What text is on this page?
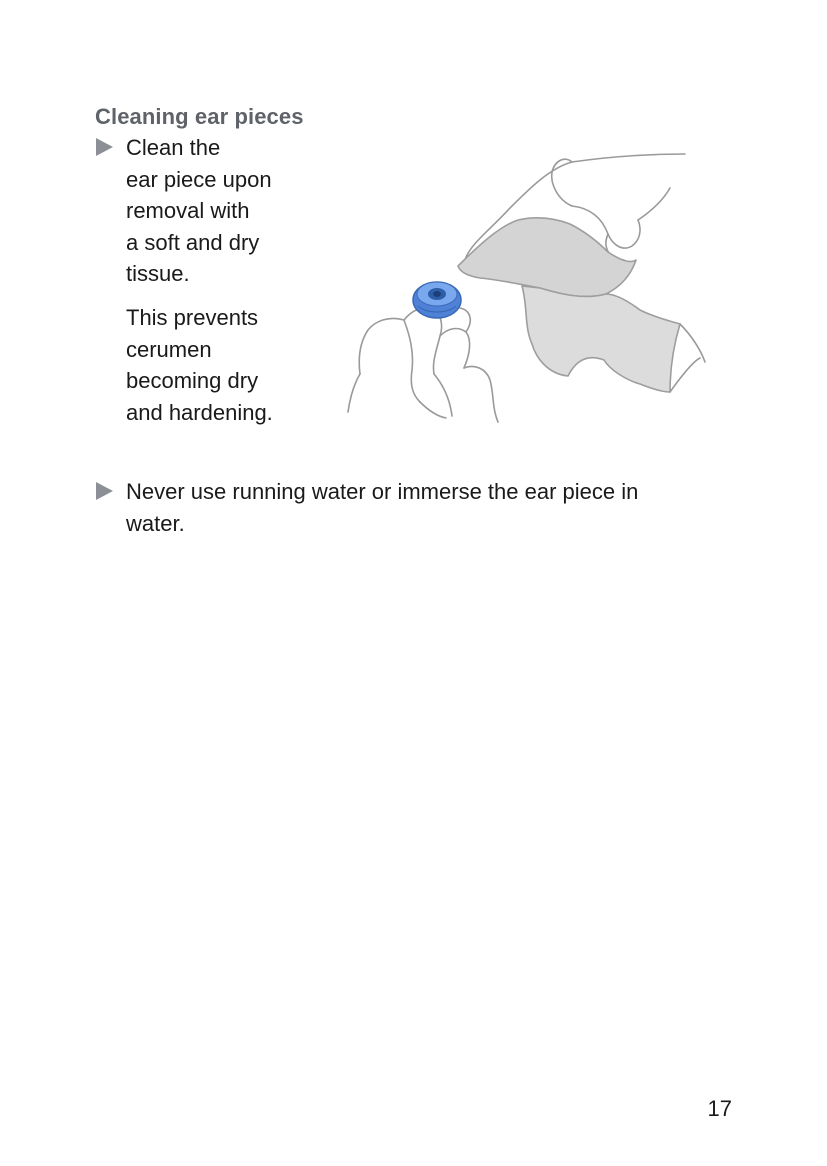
Cleaning ear pieces
Clean the
ear piece upon
removal with
a soft and dry
tissue.
This prevents
cerumen
becoming dry
and hardening.
Never use running water or immerse the ear piece in
water.
17
